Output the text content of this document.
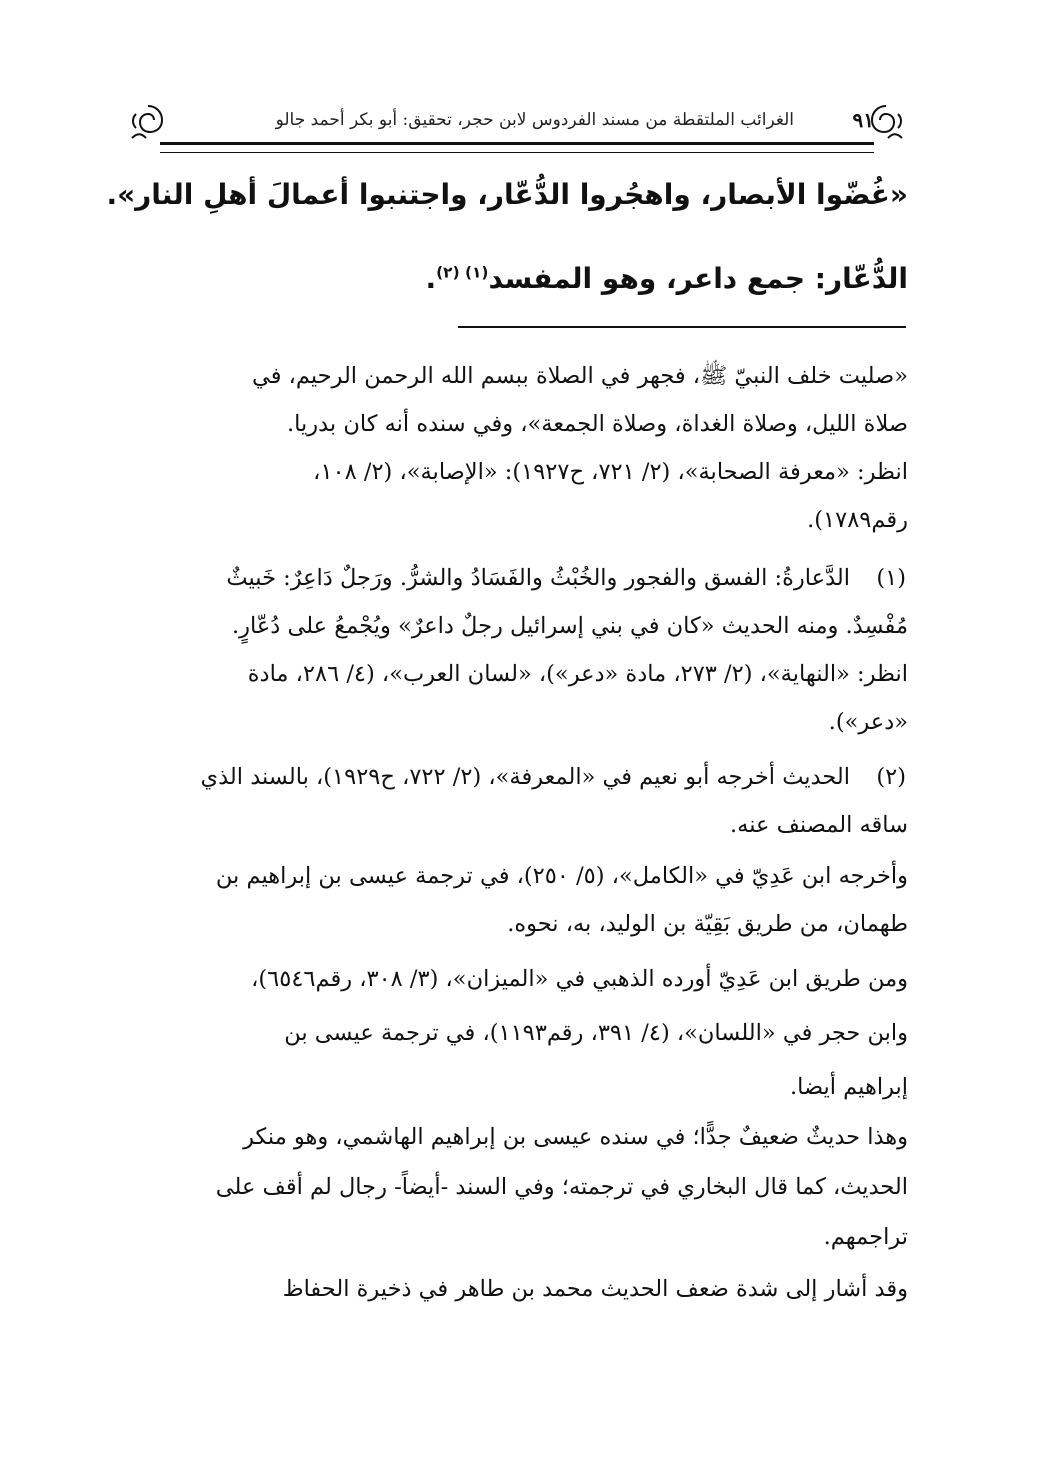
٩١
الغرائب الملتقطة من مسند الفردوس لابن حجر، تحقيق: أبو بكر أحمد جالو
«غُضّوا الأبصار، واهجُروا الدُّعّار، واجتنبوا أعمالَ أهلِ النار».
الدُّعّار: جمع داعر، وهو المفسد$^{(١) (٢)}$.
«صليت خلف النبيّ ﷺ، فجهر في الصلاة ببسم الله الرحمن الرحيم، في
صلاة الليل، وصلاة الغداة، وصلاة الجمعة»، وفي سنده أنه كان بدريا.
انظر: «معرفة الصحابة»، (٢/ ٧٢١، ح١٩٢٧): «الإصابة»، (٢/ ١٠٨،
رقم١٧٨٩).
(١)
الدَّعارةُ: الفسق والفجور والخُبْثُ والفَسَادُ والشرُّ. ورَجلٌ دَاعِرٌ: خَبيثٌ
مُفْسِدٌ. ومنه الحديث «كان في بني إسرائيل رجلٌ داعرٌ» ويُجْمعُ على دُعّارٍ.
انظر: «النهاية»، (٢/ ٢٧٣، مادة «دعر»)، «لسان العرب»، (٤/ ٢٨٦، مادة
«دعر»).
(٢)
الحديث أخرجه أبو نعيم في «المعرفة»، (٢/ ٧٢٢، ح١٩٢٩)، بالسند الذي
ساقه المصنف عنه.
وأخرجه ابن عَدِيّ في «الكامل»، (٥/ ٢٥٠)، في ترجمة عيسى بن إبراهيم بن
طهمان، من طريق بَقِيّة بن الوليد، به، نحوه.
ومن طريق ابن عَدِيّ أورده الذهبي في «الميزان»، (٣/ ٣٠٨، رقم٦٥٤٦)،
وابن حجر في «اللسان»، (٤/ ٣٩١، رقم١١٩٣)، في ترجمة عيسى بن
إبراهيم أيضا.
وهذا حديثٌ ضعيفٌ جدًّا؛ في سنده عيسى بن إبراهيم الهاشمي، وهو منكر
الحديث، كما قال البخاري في ترجمته؛ وفي السند -أيضاً- رجال لم أقف على
تراجمهم.
وقد أشار إلى شدة ضعف الحديث محمد بن طاهر في ذخيرة الحفاظ
